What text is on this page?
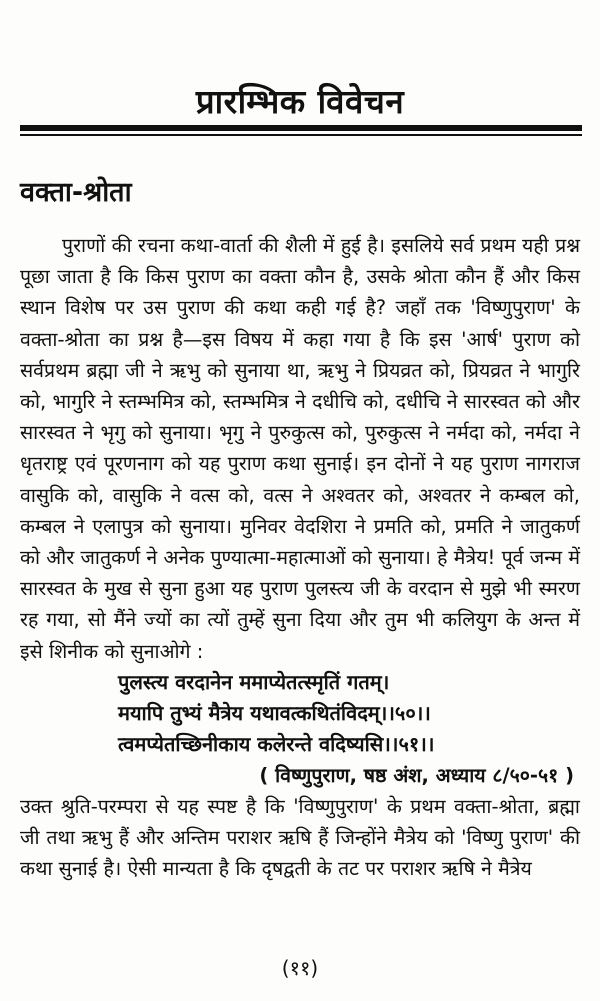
प्रारम्भिक विवेचन
वक्ता-श्रोता

पुराणों की रचना कथा-वार्ता की शैली में हुई है। इसलिये सर्व प्रथम यही प्रश्न पूछा जाता है कि किस पुराण का वक्ता कौन है, उसके श्रोता कौन हैं और किस स्थान विशेष पर उस पुराण की कथा कही गई है? जहाँ तक 'विष्णुपुराण' के वक्ता-श्रोता का प्रश्न है—इस विषय में कहा गया है कि इस 'आर्ष' पुराण को सर्वप्रथम ब्रह्मा जी ने ऋभु को सुनाया था, ऋभु ने प्रियव्रत को, प्रियव्रत ने भागुरि को, भागुरि ने स्तम्भमित्र को, स्तम्भमित्र ने दधीचि को, दधीचि ने सारस्वत को और सारस्वत ने भृगु को सुनाया। भृगु ने पुरुकुत्स को, पुरुकुत्स ने नर्मदा को, नर्मदा ने धृतराष्ट्र एवं पूरणनाग को यह पुराण कथा सुनाई। इन दोनों ने यह पुराण नागराज वासुकि को, वासुकि ने वत्स को, वत्स ने अश्वतर को, अश्वतर ने कम्बल को, कम्बल ने एलापुत्र को सुनाया। मुनिवर वेदशिरा ने प्रमति को, प्रमति ने जातुकर्ण को और जातुकर्ण ने अनेक पुण्यात्मा-महात्माओं को सुनाया। हे मैत्रेय! पूर्व जन्म में सारस्वत के मुख से सुना हुआ यह पुराण पुलस्त्य जी के वरदान से मुझे भी स्मरण रह गया, सो मैंने ज्यों का त्यों तुम्हें सुना दिया और तुम भी कलियुग के अन्त में इसे शिनीक को सुनाओगे :

पुलस्त्य वरदानेन ममाप्येतत्स्मृतिं गतम्।

मयापि तुभ्यं मैत्रेय यथावत्कथितंविदम्।।५०।।

त्वमप्येतच्छिनीकाय कलेरन्ते वदिष्यसि।।५१।।

( विष्णुपुराण, षष्ठ अंश, अध्याय ८/५०-५१ )

उक्त श्रुति-परम्परा से यह स्पष्ट है कि 'विष्णुपुराण' के प्रथम वक्ता-श्रोता, ब्रह्मा जी तथा ऋभु हैं और अन्तिम पराशर ऋषि हैं जिन्होंने मैत्रेय को 'विष्णु पुराण' की कथा सुनाई है। ऐसी मान्यता है कि दृषद्वती के तट पर पराशर ऋषि ने मैत्रेय

(११)
